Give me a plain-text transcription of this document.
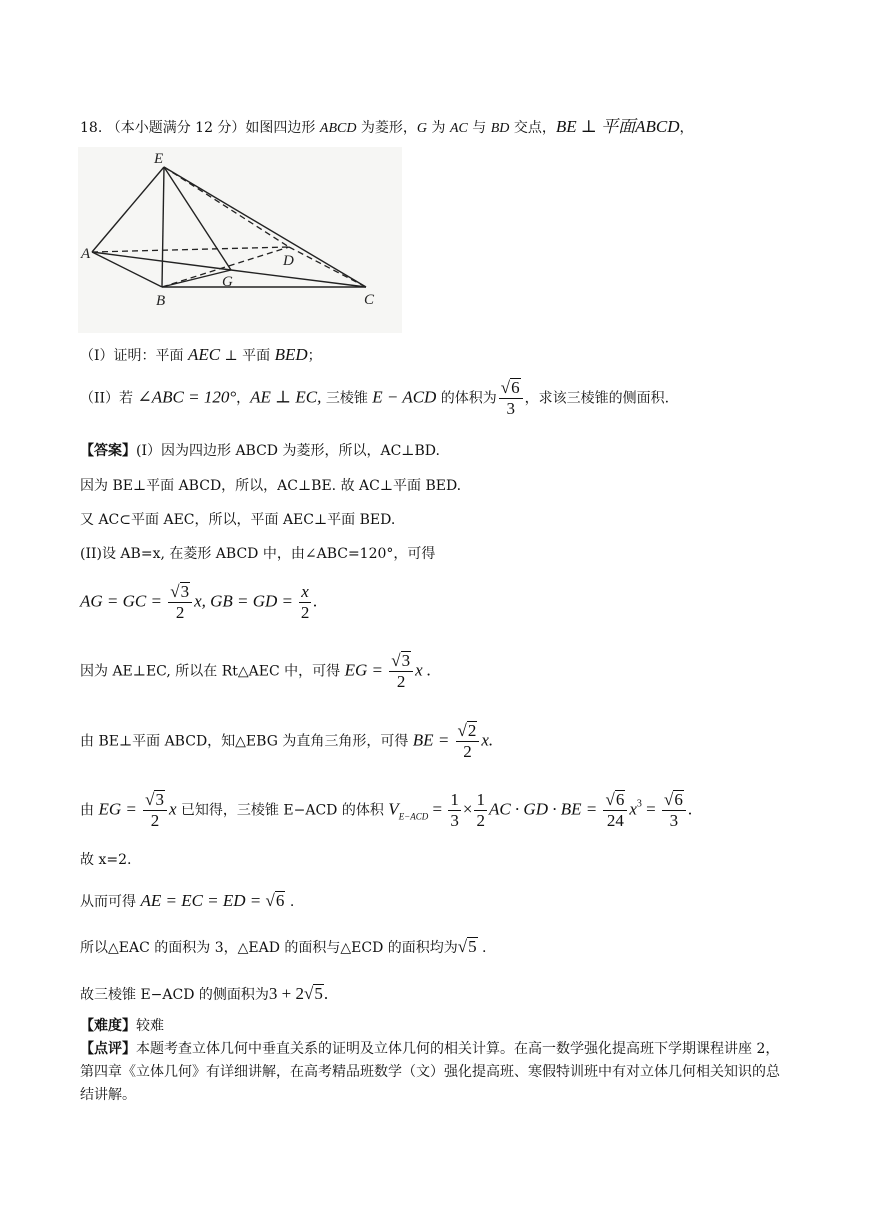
18. （本小题满分 12 分）如图四边形 ABCD 为菱形，G 为 AC 与 BD 交点，BE ⊥ 平面ABCD，
E
A
B
G
D
C
（I）证明：平面 AEC ⊥ 平面 BED；
（II）若 ∠ABC = 120°，AE ⊥ EC, 三棱锥 E − ACD 的体积为 $\frac{√6}{3}$ ，求该三棱锥的侧面积.
【答案】(I）因为四边形 ABCD 为菱形，所以，AC⊥BD.
因为 BE⊥平面 ABCD，所以，AC⊥BE. 故 AC⊥平面 BED.
又 AC⊂平面 AEC，所以，平面 AEC⊥平面 BED.
(II)设 AB=x, 在菱形 ABCD 中，由∠ABC=120°，可得
AG = GC = $\frac{√3}{2} x$, GB = GD = $\frac{x}{2}$ .
因为 AE⊥EC, 所以在 Rt△AEC 中，可得 EG = $\frac{√3}{2}$ x .
由 BE⊥平面 ABCD，知△EBG 为直角三角形，可得 BE = $\frac{√2}{2} x$.
由 EG = $\frac{√3}{2}$ x 已知得，三棱锥 E−ACD 的体积 $V_{E-ACD} = \frac{1}{3} \times \frac{1}{2}$ AC · GD · BE = $\frac{√6}{24} x^3 = \frac{√6}{3}$ .
故 x=2.
从而可得 AE = EC = ED = √6 .
所以△EAC 的面积为 3，△EAD 的面积与△ECD 的面积均为√5 .
故三棱锥 E−ACD 的侧面积为3 + 2√5.
【难度】较难
【点评】本题考查立体几何中垂直关系的证明及立体几何的相关计算。在高一数学强化提高班下学期课程讲座 2，第四章《立体几何》有详细讲解，在高考精品班数学（文）强化提高班、寒假特训班中有对立体几何相关知识的总结讲解。
